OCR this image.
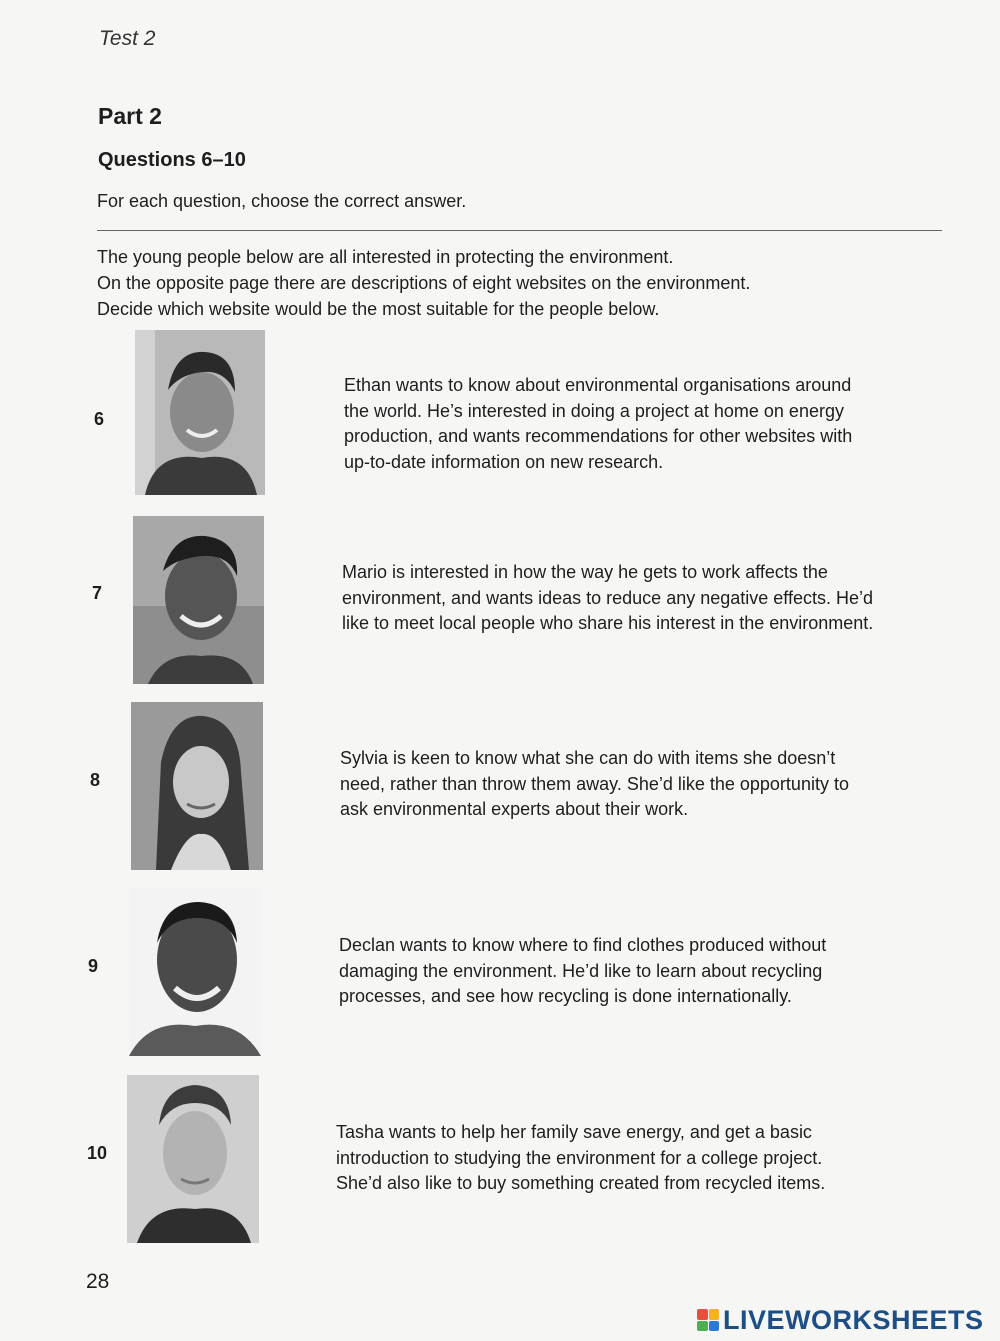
Test 2
Part 2
Questions 6–10
For each question, choose the correct answer.
The young people below are all interested in protecting the environment.
On the opposite page there are descriptions of eight websites on the environment.
Decide which website would be the most suitable for the people below.
6
Ethan wants to know about environmental organisations around
the world. He’s interested in doing a project at home on energy
production, and wants recommendations for other websites with
up-to-date information on new research.
7
Mario is interested in how the way he gets to work affects the
environment, and wants ideas to reduce any negative effects. He’d
like to meet local people who share his interest in the environment.
8
Sylvia is keen to know what she can do with items she doesn’t
need, rather than throw them away. She’d like the opportunity to
ask environmental experts about their work.
9
Declan wants to know where to find clothes produced without
damaging the environment. He’d like to learn about recycling
processes, and see how recycling is done internationally.
10
Tasha wants to help her family save energy, and get a basic
introduction to studying the environment for a college project.
She’d also like to buy something created from recycled items.
28
LIVEWORKSHEETS
